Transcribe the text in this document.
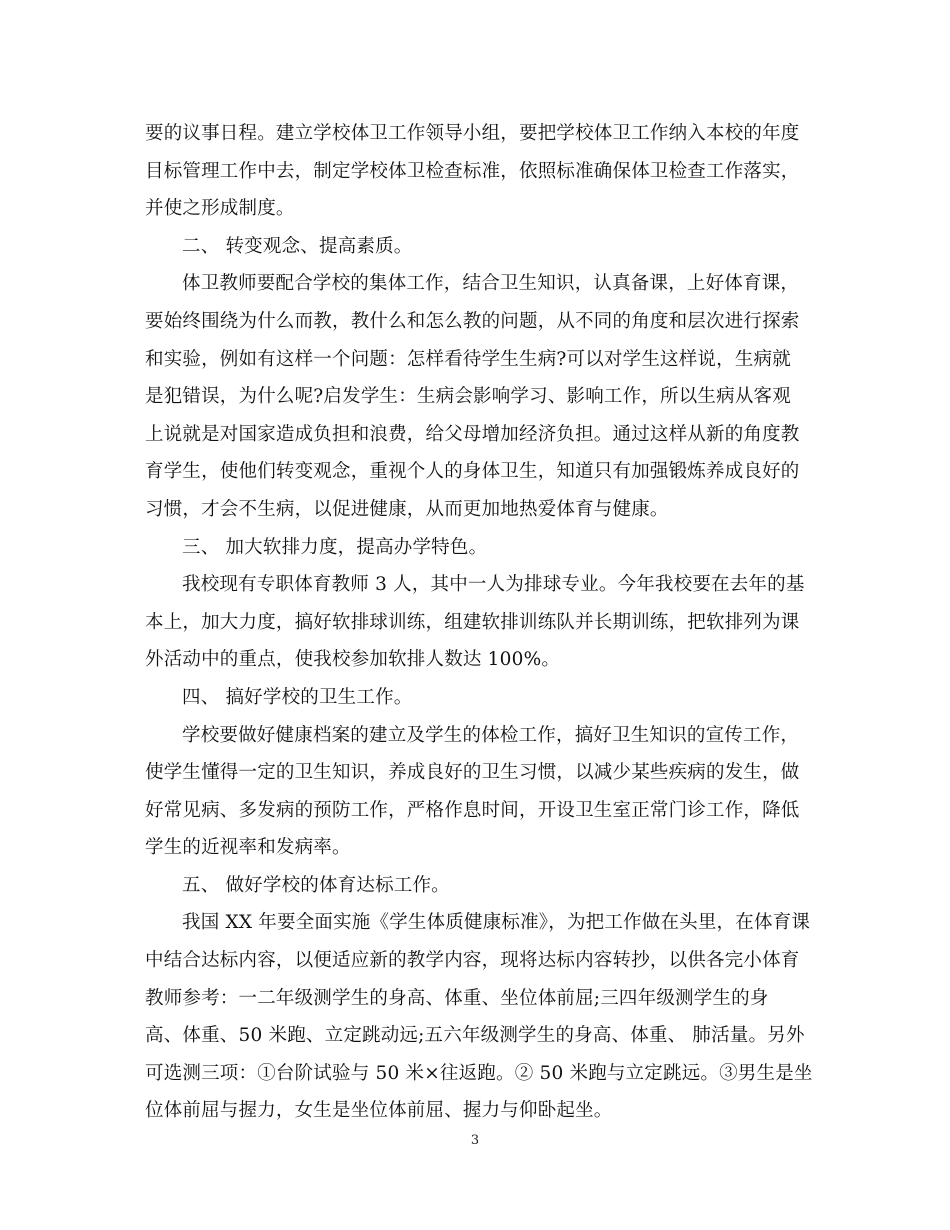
要的议事日程。建立学校体卫工作领导小组，要把学校体卫工作纳入本校的年度
目标管理工作中去，制定学校体卫检查标准，依照标准确保体卫检查工作落实，
并使之形成制度。

二、 转变观念、提高素质。

体卫教师要配合学校的集体工作，结合卫生知识，认真备课，上好体育课，
要始终围绕为什么而教，教什么和怎么教的问题，从不同的角度和层次进行探索
和实验，例如有这样一个问题：怎样看待学生生病?可以对学生这样说，生病就
是犯错误，为什么呢?启发学生：生病会影响学习、影响工作，所以生病从客观
上说就是对国家造成负担和浪费，给父母增加经济负担。通过这样从新的角度教
育学生，使他们转变观念，重视个人的身体卫生，知道只有加强锻炼养成良好的
习惯，才会不生病，以促进健康，从而更加地热爱体育与健康。

三、 加大软排力度，提高办学特色。

我校现有专职体育教师 3 人，其中一人为排球专业。今年我校要在去年的基
本上，加大力度，搞好软排球训练，组建软排训练队并长期训练，把软排列为课
外活动中的重点，使我校参加软排人数达 100%。

四、 搞好学校的卫生工作。

学校要做好健康档案的建立及学生的体检工作，搞好卫生知识的宣传工作，
使学生懂得一定的卫生知识，养成良好的卫生习惯，以减少某些疾病的发生，做
好常见病、多发病的预防工作，严格作息时间，开设卫生室正常门诊工作，降低
学生的近视率和发病率。

五、 做好学校的体育达标工作。

我国 XX 年要全面实施《学生体质健康标准》，为把工作做在头里，在体育课
中结合达标内容，以便适应新的教学内容，现将达标内容转抄，以供各完小体育
教师参考：一二年级测学生的身高、体重、坐位体前屈;三四年级测学生的身
高、体重、50 米跑、立定跳动远;五六年级测学生的身高、体重、 肺活量。另外
可选测三项：①台阶试验与 50 米×往返跑。② 50 米跑与立定跳远。③男生是坐
位体前屈与握力，女生是坐位体前屈、握力与仰卧起坐。

3
